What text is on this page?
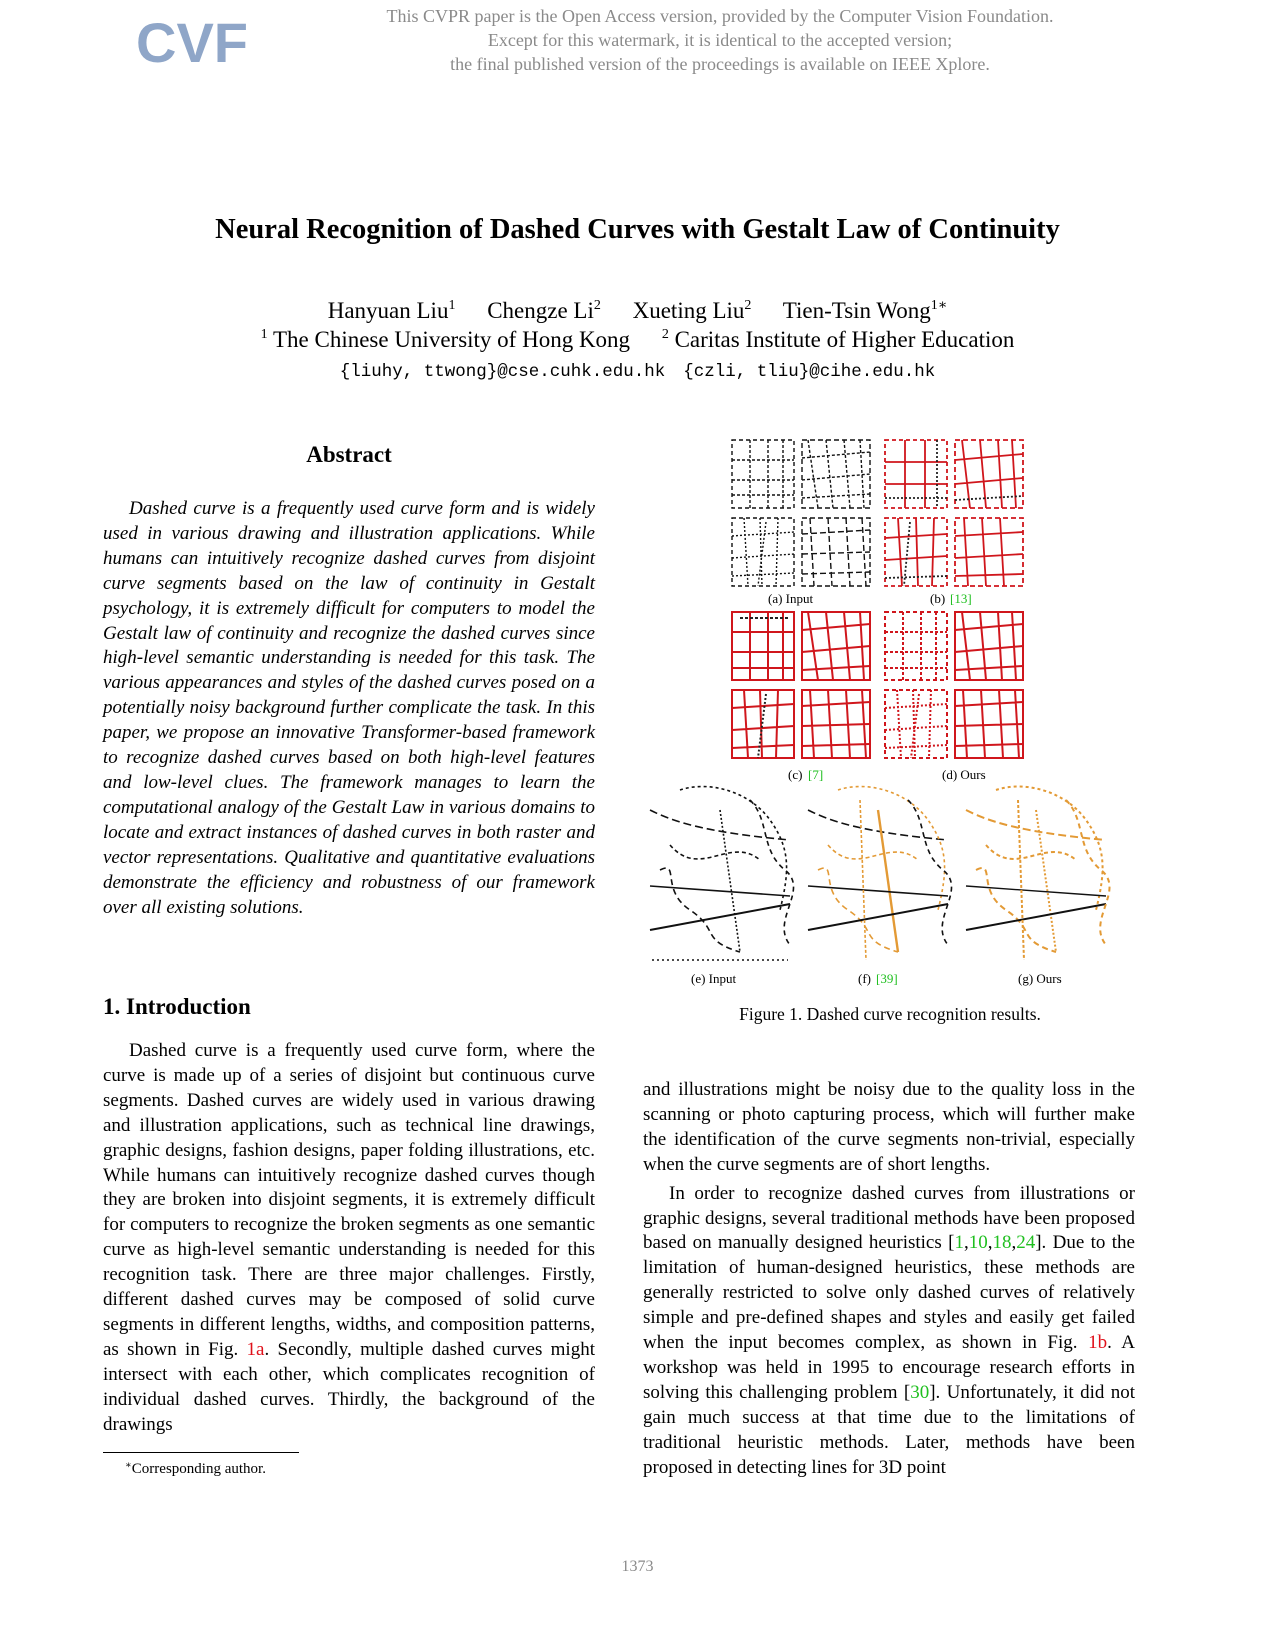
CVF	This CVPR paper is the Open Access version, provided by the Computer Vision Foundation.
Except for this watermark, it is identical to the accepted version;
the final published version of the proceedings is available on IEEE Xplore.
Neural Recognition of Dashed Curves with Gestalt Law of Continuity
Hanyuan Liu$^1$ Chengze Li$^2$ Xueting Liu$^2$ Tien-Tsin Wong$^{1∗}$
$^1$ The Chinese University of Hong Kong $^2$ Caritas Institute of Higher Education
{liuhy, ttwong}@cse.cuhk.edu.hk {czli, tliu}@cihe.edu.hk
Abstract
Dashed curve is a frequently used curve form and is widely used in various drawing and illustration applications. While humans can intuitively recognize dashed curves from disjoint curve segments based on the law of continuity in Gestalt psychology, it is extremely difficult for computers to model the Gestalt law of continuity and recognize the dashed curves since high-level semantic understanding is needed for this task. The various appearances and styles of the dashed curves posed on a potentially noisy background further complicate the task. In this paper, we propose an innovative Transformer-based framework to recognize dashed curves based on both high-level features and low-level clues. The framework manages to learn the computational analogy of the Gestalt Law in various domains to locate and extract instances of dashed curves in both raster and vector representations. Qualitative and quantitative evaluations demonstrate the efficiency and robustness of our framework over all existing solutions.
1. Introduction
Dashed curve is a frequently used curve form, where the curve is made up of a series of disjoint but continuous curve segments. Dashed curves are widely used in various drawing and illustration applications, such as technical line drawings, graphic designs, fashion designs, paper folding illustrations, etc. While humans can intuitively recognize dashed curves though they are broken into disjoint segments, it is extremely difficult for computers to recognize the broken segments as one semantic curve as high-level semantic understanding is needed for this recognition task. There are three major challenges. Firstly, different dashed curves may be composed of solid curve segments in different lengths, widths, and composition patterns, as shown in Fig. 1a. Secondly, multiple dashed curves might intersect with each other, which complicates recognition of individual dashed curves. Thirdly, the background of the drawings
∗Corresponding author.

and illustrations might be noisy due to the quality loss in the scanning or photo capturing process, which will further make the identification of the curve segments non-trivial, especially when the curve segments are of short lengths.

In order to recognize dashed curves from illustrations or graphic designs, several traditional methods have been proposed based on manually designed heuristics [1,10,18,24]. Due to the limitation of human-designed heuristics, these methods are generally restricted to solve only dashed curves of relatively simple and pre-defined shapes and styles and easily get failed when the input becomes complex, as shown in Fig. 1b. A workshop was held in 1995 to encourage research efforts in solving this challenging problem [30]. Unfortunately, it did not gain much success at that time due to the limitations of traditional heuristic methods. Later, methods have been proposed in detecting lines for 3D point

(a) Input	(b) [13]
(c) [7]	(d) Ours
(e) Input	(f) [39]	(g) Ours
Figure 1. Dashed curve recognition results.
1373
